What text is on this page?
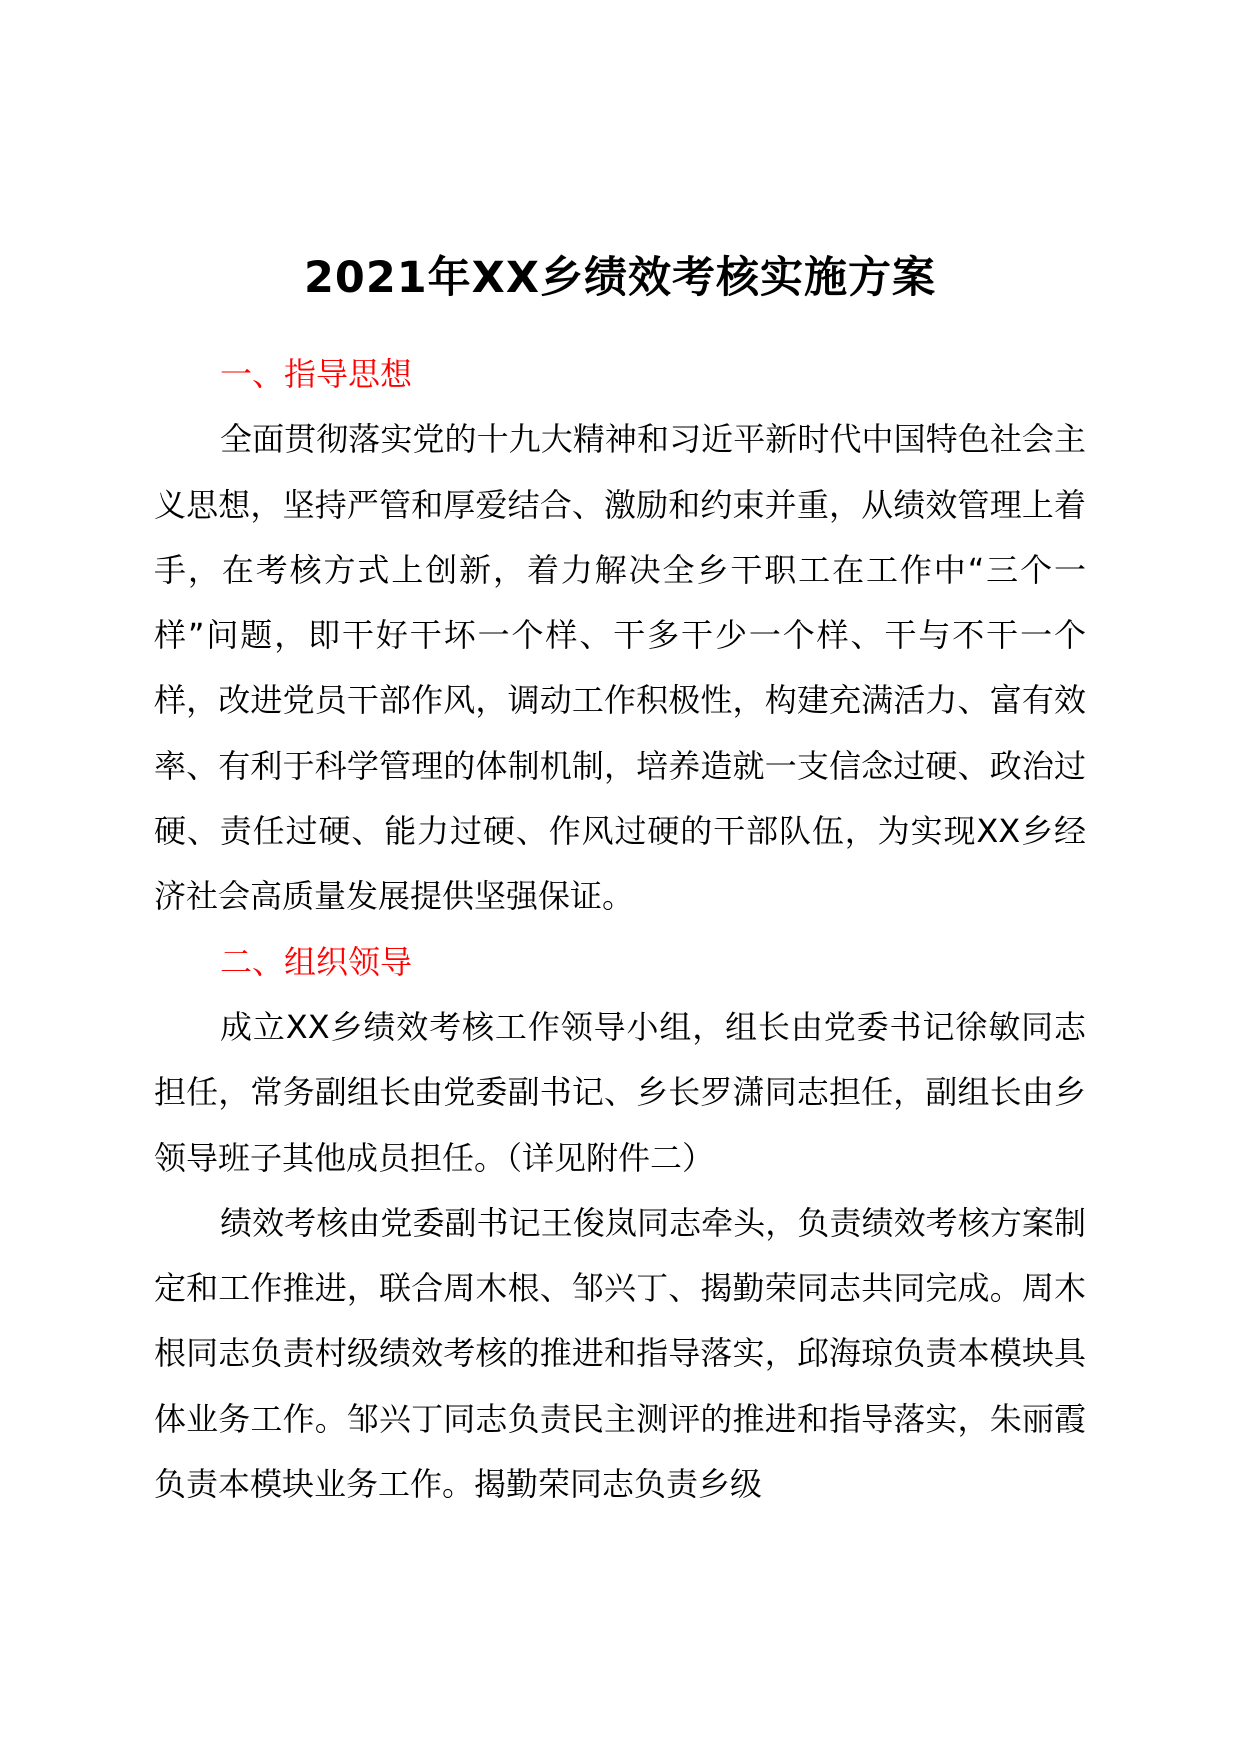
2021年XX乡绩效考核实施方案
一、指导思想
全面贯彻落实党的十九大精神和习近平新时代中国特色社会主义思想，坚持严管和厚爱结合、激励和约束并重，从绩效管理上着手，在考核方式上创新，着力解决全乡干职工在工作中“三个一样”问题，即干好干坏一个样、干多干少一个样、干与不干一个样，改进党员干部作风，调动工作积极性，构建充满活力、富有效率、有利于科学管理的体制机制，培养造就一支信念过硬、政治过硬、责任过硬、能力过硬、作风过硬的干部队伍，为实现XX乡经济社会高质量发展提供坚强保证。
二、组织领导
成立XX乡绩效考核工作领导小组，组长由党委书记徐敏同志担任，常务副组长由党委副书记、乡长罗潇同志担任，副组长由乡领导班子其他成员担任。（详见附件二）
绩效考核由党委副书记王俊岚同志牵头，负责绩效考核方案制定和工作推进，联合周木根、邹兴丁、揭勤荣同志共同完成。周木根同志负责村级绩效考核的推进和指导落实，邱海琼负责本模块具体业务工作。邹兴丁同志负责民主测评的推进和指导落实，朱丽霞负责本模块业务工作。揭勤荣同志负责乡级
